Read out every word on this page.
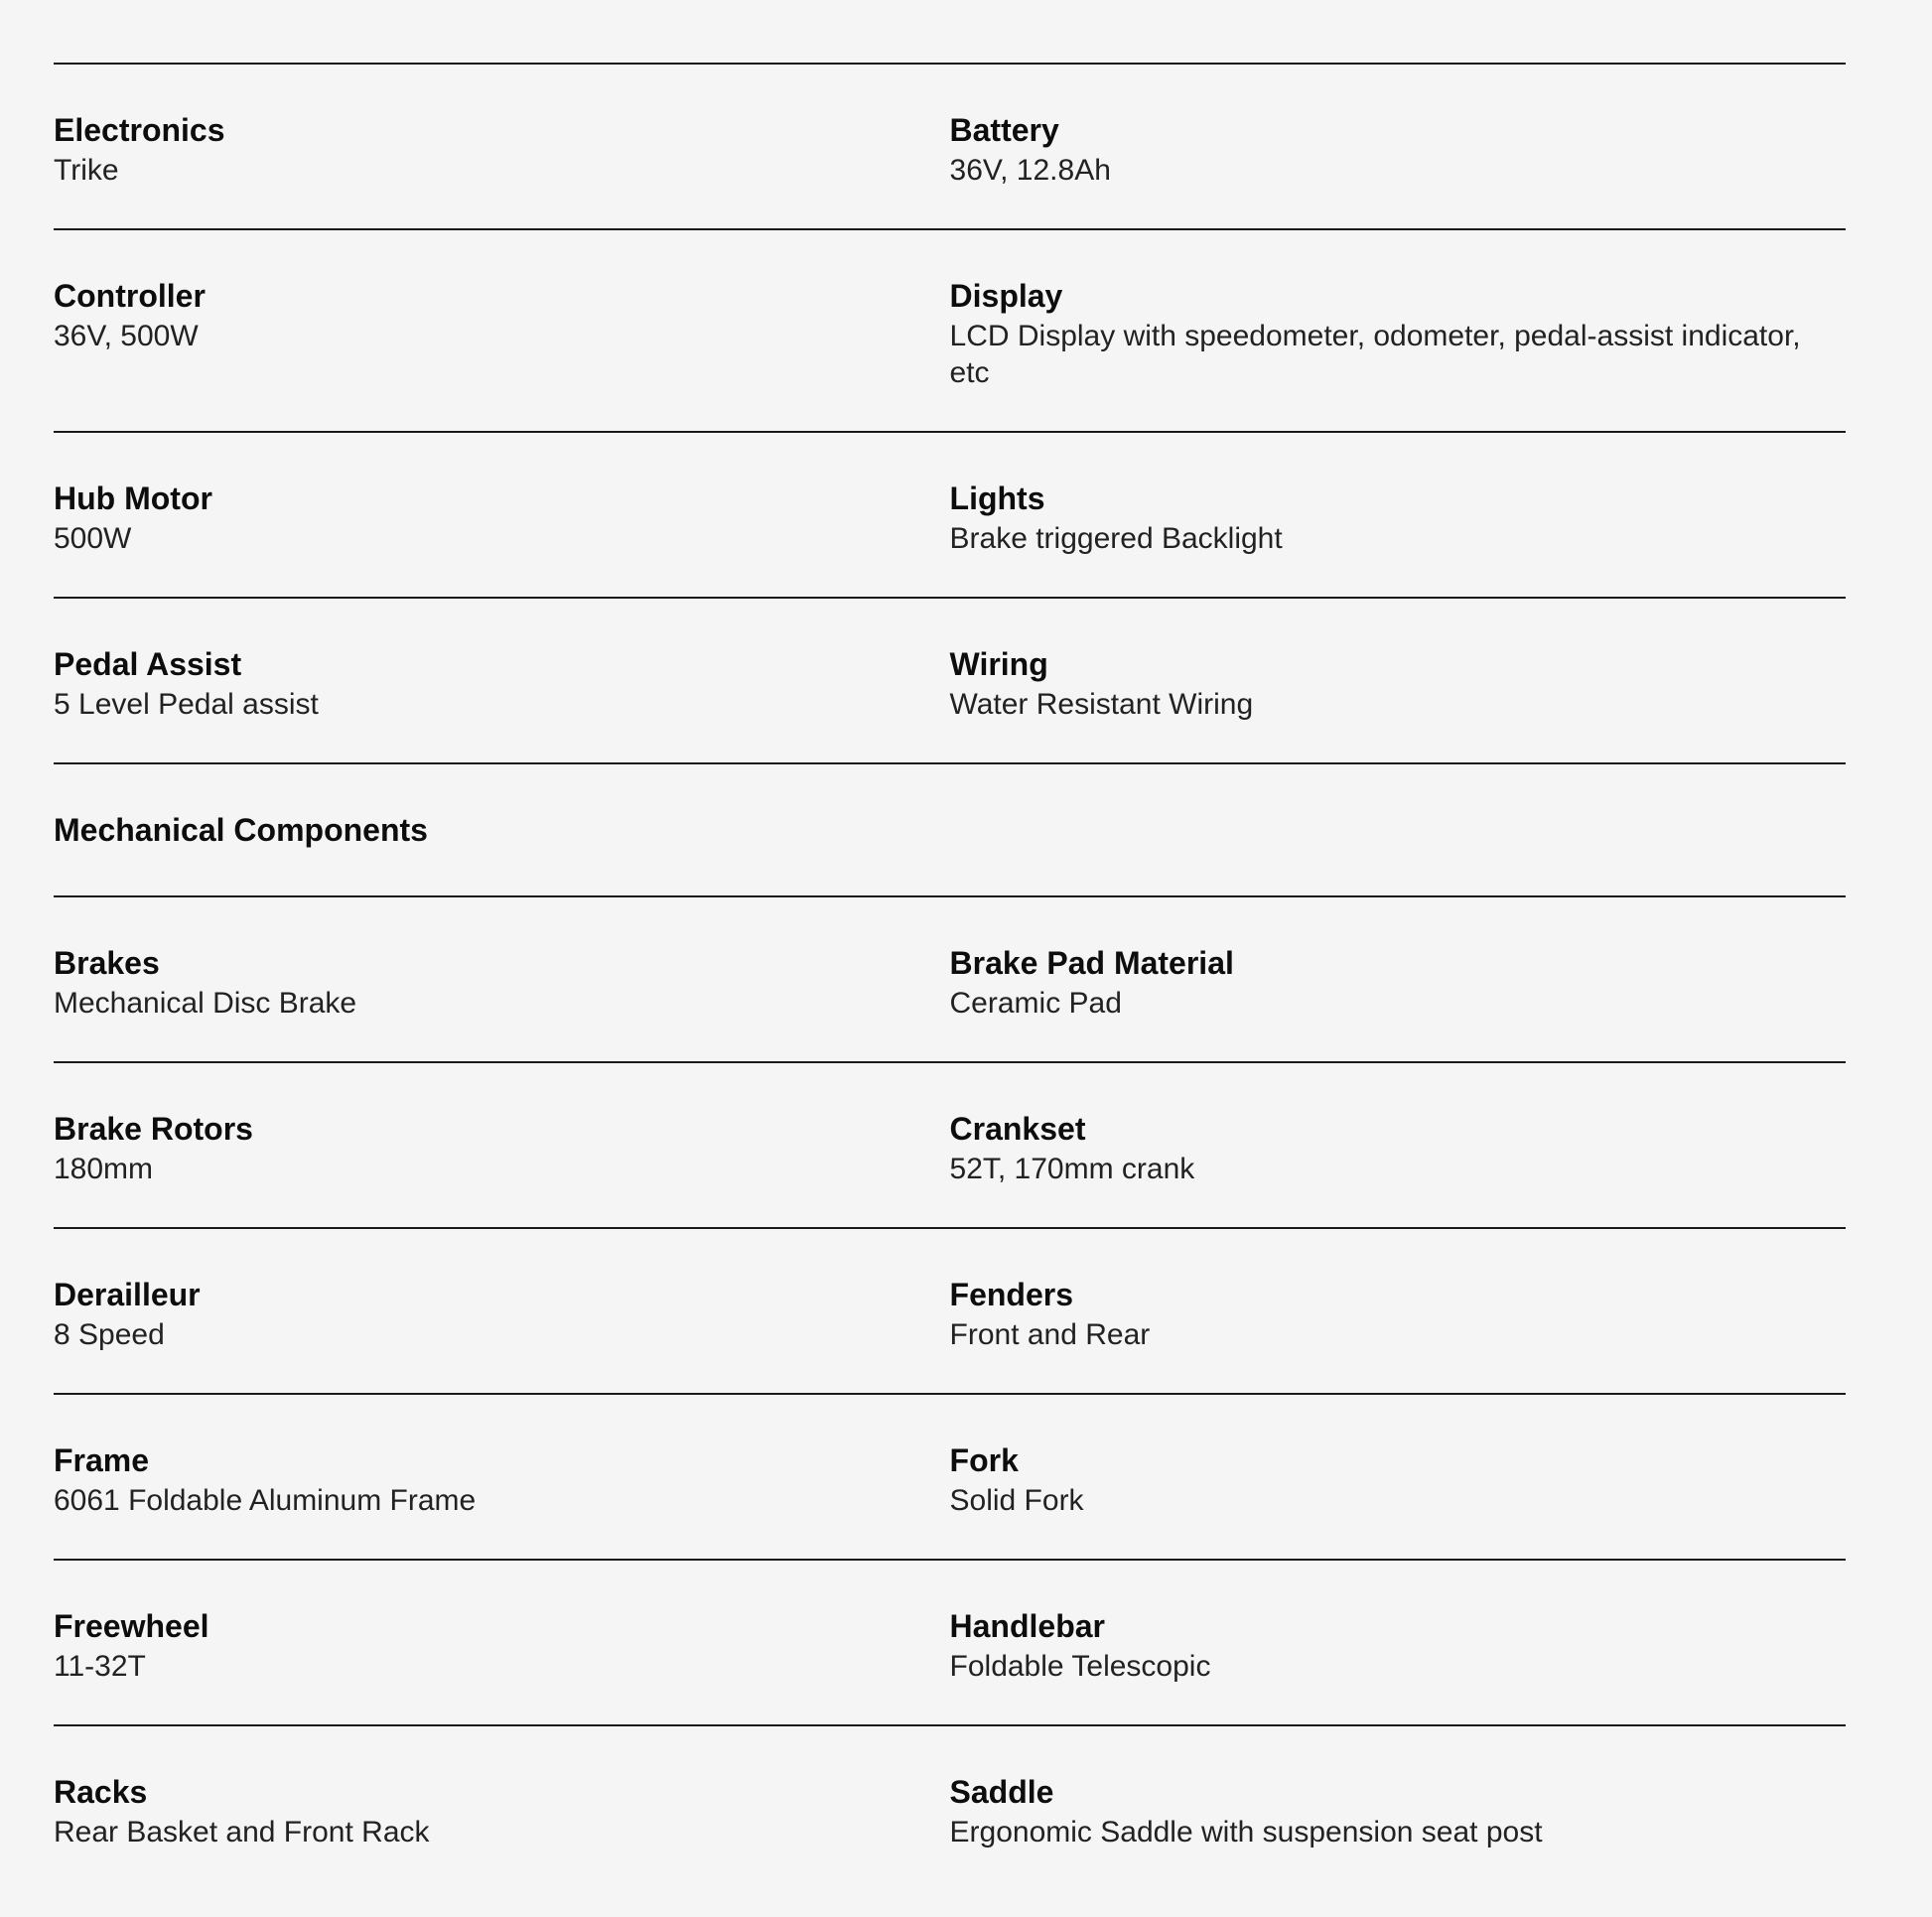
Electronics
Trike
Battery
36V, 12.8Ah
Controller
36V, 500W
Display
LCD Display with speedometer, odometer, pedal-assist indicator, etc
Hub Motor
500W
Lights
Brake triggered Backlight
Pedal Assist
5 Level Pedal assist
Wiring
Water Resistant Wiring
Mechanical Components
Brakes
Mechanical Disc Brake
Brake Pad Material
Ceramic Pad
Brake Rotors
180mm
Crankset
52T, 170mm crank
Derailleur
8 Speed
Fenders
Front and Rear
Frame
6061 Foldable Aluminum Frame
Fork
Solid Fork
Freewheel
11-32T
Handlebar
Foldable Telescopic
Racks
Rear Basket and Front Rack
Saddle
Ergonomic Saddle with suspension seat post
